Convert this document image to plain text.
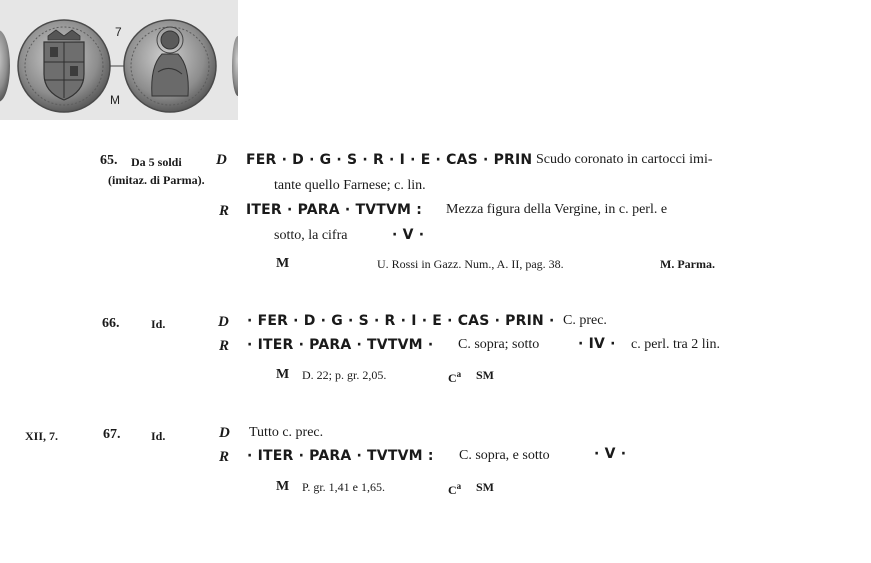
7
M
65. Da 5 soldi
(imitaz. di Parma).
D FER · D · G · S · R · I · E · CAS · PRIN Scudo coronato in cartocci imi-
tante quello Farnese; c. lin.
R ITER · PARA · TVTVM : Mezza figura della Vergine, in c. perl. e
sotto, la cifra	· V ·
M	U. Rossi in Gazz. Num., A. II, pag. 38.	M. Parma.
66.	Id.	D · FER · D · G · S · R · I · E · CAS · PRIN · C. prec.
R · ITER · PARA · TVTVM · C. sopra; sotto	· IV · c. perl. tra 2 lin.
M D. 22; p. gr. 2,05.	$C^a$ SM
XII, 7.	67.	Id.	D Tutto c. prec.
R · ITER · PARA · TVTVM : C. sopra, e sotto	· V ·
M P. gr. 1,41 e 1,65.	$C^a$ SM
